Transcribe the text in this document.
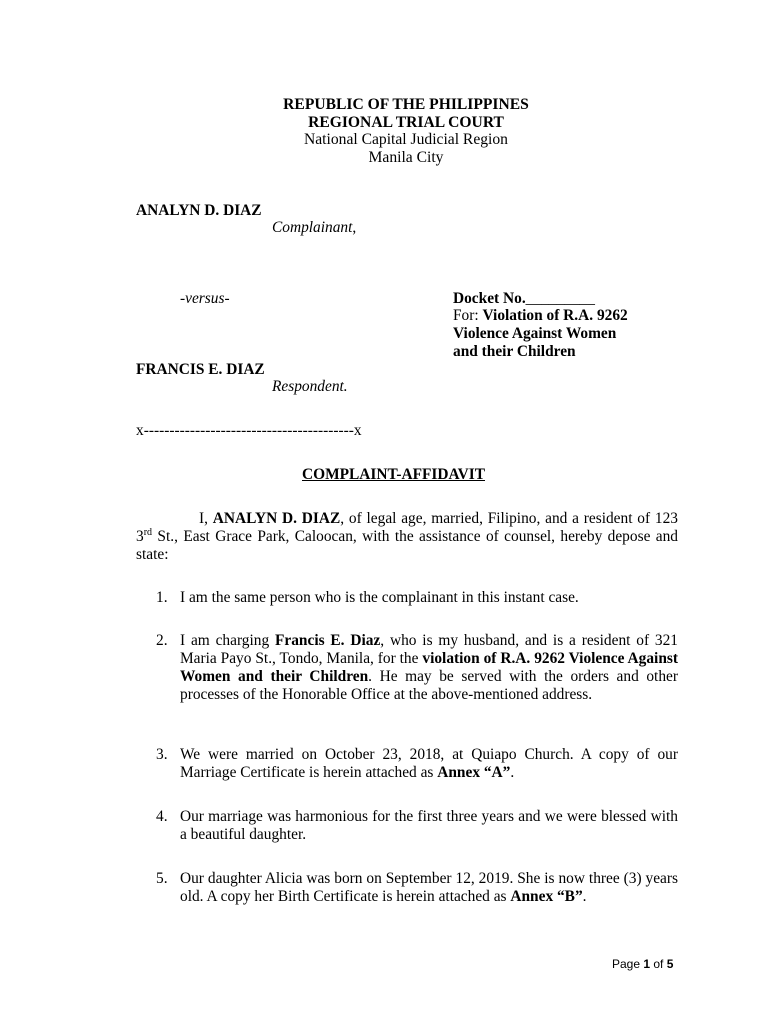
REPUBLIC OF THE PHILIPPINES
REGIONAL TRIAL COURT
National Capital Judicial Region
Manila City
ANALYN D. DIAZ
Complainant,
-versus-
FRANCIS E. DIAZ
Respondent.
Docket No._________
For: Violation of R.A. 9262
Violence Against Women
and their Children
x-----------------------------------------x
COMPLAINT-AFFIDAVIT
I, ANALYN D. DIAZ, of legal age, married, Filipino, and a resident of 123 3rd St., East Grace Park, Caloocan, with the assistance of counsel, hereby depose and state:
1. I am the same person who is the complainant in this instant case.
2. I am charging Francis E. Diaz, who is my husband, and is a resident of 321 Maria Payo St., Tondo, Manila, for the violation of R.A. 9262 Violence Against Women and their Children. He may be served with the orders and other processes of the Honorable Office at the above-mentioned address.
3. We were married on October 23, 2018, at Quiapo Church. A copy of our Marriage Certificate is herein attached as Annex “A”.
4. Our marriage was harmonious for the first three years and we were blessed with a beautiful daughter.
5. Our daughter Alicia was born on September 12, 2019. She is now three (3) years old. A copy her Birth Certificate is herein attached as Annex “B”.
Page 1 of 5
